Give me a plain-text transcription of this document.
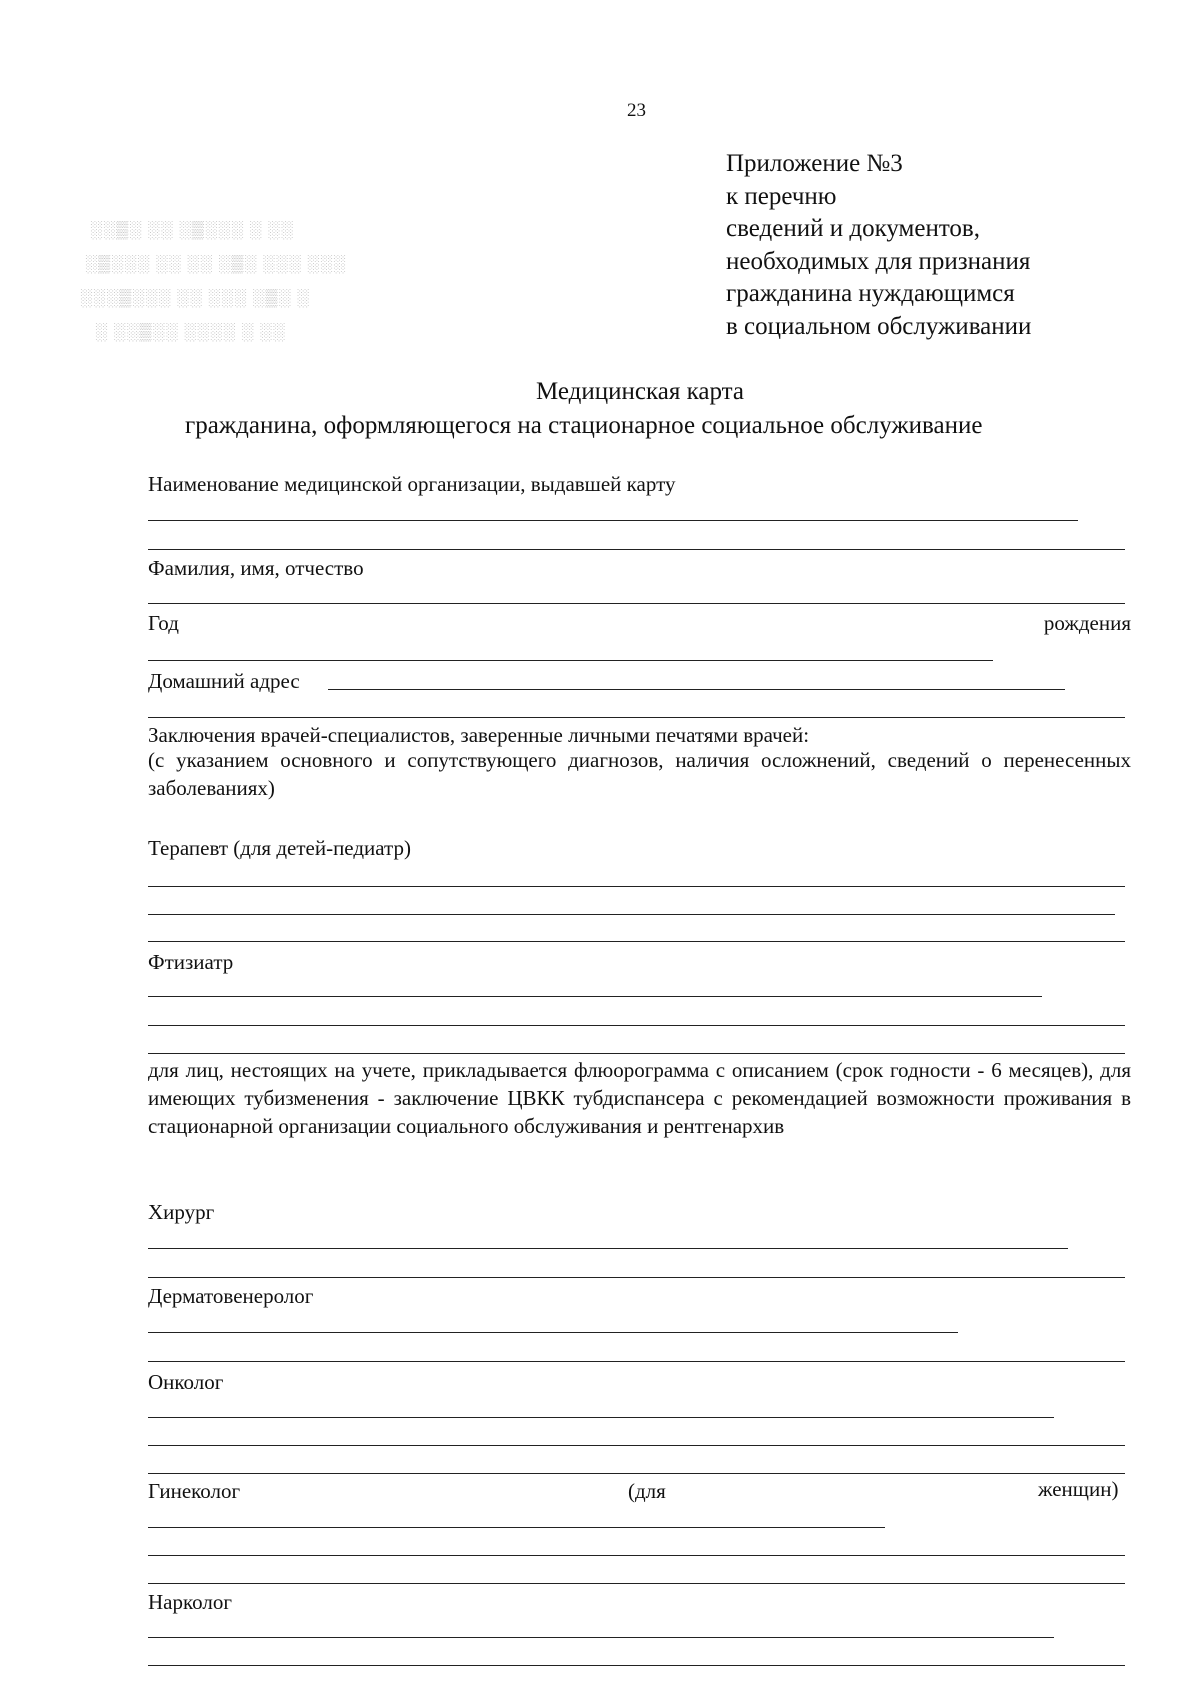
░░▒░ ░░ ░▒░░░ ░ ░░
░▒░░░ ░░ ░░ ░▒░ ░░░ ░░░
░░░▒░░░ ░░ ░░░ ░▒░ ░
░ ░░▒░░ ░░░░ ░ ░░
23
Приложение №3
к перечню
сведений и документов,
необходимых для признания
гражданина нуждающимся
в социальном обслуживании
Медицинская карта
гражданина, оформляющегося на стационарное социальное обслуживание
Наименование медицинской организации, выдавшей карту
Фамилия, имя, отчество
Год	рождения
Домашний адрес
Заключения врачей-специалистов, заверенные личными печатями врачей:

(с указанием основного и сопутствующего диагнозов, наличия осложнений, сведений о перенесенных заболеваниях)

Терапевт (для детей-педиатр)
Фтизиатр

для лиц, нестоящих на учете, прикладывается флюорограмма с описанием (срок годности - 6 месяцев), для имеющих тубизменения - заключение ЦВКК тубдиспансера с рекомендацией возможности проживания в стационарной организации социального обслуживания и рентгенархив

Хирург
Дерматовенеролог
Онколог
Гинеколог	(для	женщин)
Нарколог
